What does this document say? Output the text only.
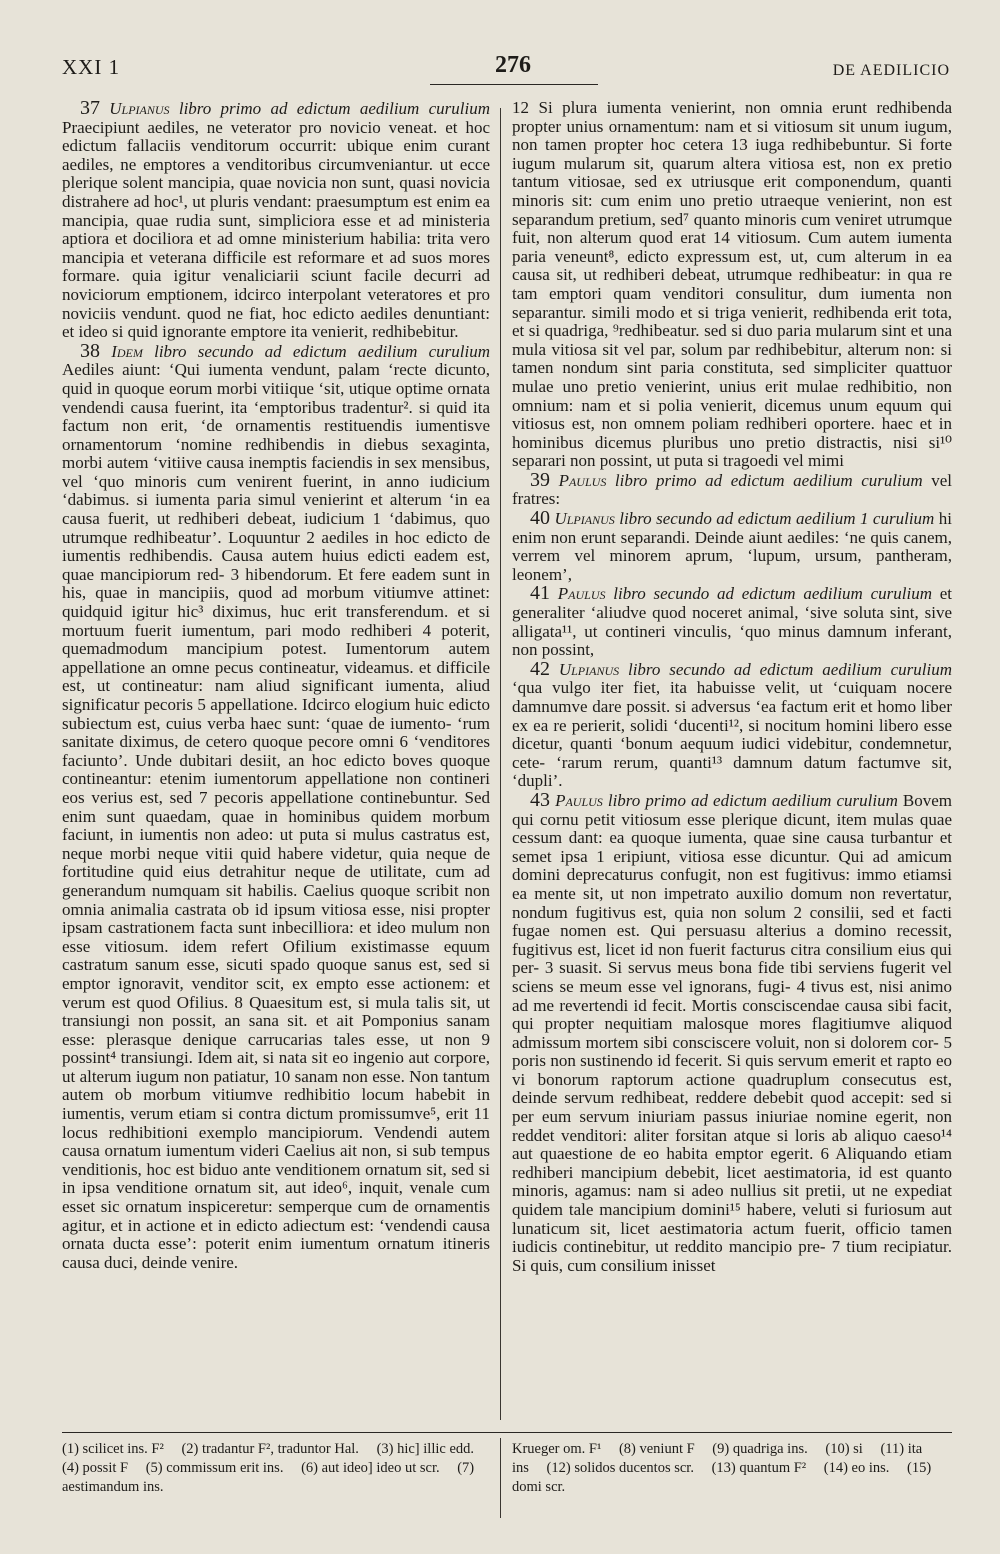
XXI 1	276	DE AEDILICIO

37 Ulpianus libro primo ad edictum aedilium curulium Praecipiunt aediles, ne veterator pro novicio veneat. et hoc edictum fallaciis venditorum occurrit: ubique enim curant aediles, ne emptores a venditoribus circumveniantur. ut ecce plerique solent mancipia, quae novicia non sunt, quasi novicia distrahere ad hoc¹, ut pluris vendant: praesumptum est enim ea mancipia, quae rudia sunt, simpliciora esse et ad ministeria aptiora et dociliora et ad omne ministerium habilia: trita vero mancipia et veterana difficile est reformare et ad suos mores formare. quia igitur venaliciarii sciunt facile decurri ad noviciorum emptionem, idcirco interpolant veteratores et pro noviciis vendunt. quod ne fiat, hoc edicto aediles denuntiant: et ideo si quid ignorante emptore ita venierit, redhibebitur.

38 Idem libro secundo ad edictum aedilium curulium Aediles aiunt: ‘Qui iumenta vendunt, palam ‘recte dicunto, quid in quoque eorum morbi vitiique ‘sit, utique optime ornata vendendi causa fuerint, ita ‘emptoribus tradentur². si quid ita factum non erit, ‘de ornamentis restituendis iumentisve ornamentorum ‘nomine redhibendis in diebus sexaginta, morbi autem ‘vitiive causa inemptis faciendis in sex mensibus, vel ‘quo minoris cum venirent fuerint, in anno iudicium ‘dabimus. si iumenta paria simul venierint et alterum ‘in ea causa fuerit, ut redhiberi debeat, iudicium 1 ‘dabimus, quo utrumque redhibeatur’. Loquuntur 2 aediles in hoc edicto de iumentis redhibendis. Causa autem huius edicti eadem est, quae mancipiorum red- 3 hibendorum. Et fere eadem sunt in his, quae in mancipiis, quod ad morbum vitiumve attinet: quidquid igitur hic³ diximus, huc erit transferendum. et si mortuum fuerit iumentum, pari modo redhiberi 4 poterit, quemadmodum mancipium potest. Iumentorum autem appellatione an omne pecus contineatur, videamus. et difficile est, ut contineatur: nam aliud significant iumenta, aliud significatur pecoris 5 appellatione. Idcirco elogium huic edicto subiectum est, cuius verba haec sunt: ‘quae de iumento- ‘rum sanitate diximus, de cetero quoque pecore omni 6 ‘venditores faciunto’. Unde dubitari desiit, an hoc edicto boves quoque contineantur: etenim iumentorum appellatione non contineri eos verius est, sed 7 pecoris appellatione continebuntur. Sed enim sunt quaedam, quae in hominibus quidem morbum faciunt, in iumentis non adeo: ut puta si mulus castratus est, neque morbi neque vitii quid habere videtur, quia neque de fortitudine quid eius detrahitur neque de utilitate, cum ad generandum numquam sit habilis. Caelius quoque scribit non omnia animalia castrata ob id ipsum vitiosa esse, nisi propter ipsam castrationem facta sunt inbecilliora: et ideo mulum non esse vitiosum. idem refert Ofilium existimasse equum castratum sanum esse, sicuti spado quoque sanus est, sed si emptor ignoravit, venditor scit, ex empto esse actionem: et verum est quod Ofilius. 8 Quaesitum est, si mula talis sit, ut transiungi non possit, an sana sit. et ait Pomponius sanam esse: plerasque denique carrucarias tales esse, ut non 9 possint⁴ transiungi. Idem ait, si nata sit eo ingenio aut corpore, ut alterum iugum non patiatur, 10 sanam non esse. Non tantum autem ob morbum vitiumve redhibitio locum habebit in iumentis, verum etiam si contra dictum promissumve⁵, erit 11 locus redhibitioni exemplo mancipiorum. Vendendi autem causa ornatum iumentum videri Caelius ait non, si sub tempus venditionis, hoc est biduo ante venditionem ornatum sit, sed si in ipsa venditione ornatum sit, aut ideo⁶, inquit, venale cum esset sic ornatum inspiceretur: semperque cum de ornamentis agitur, et in actione et in edicto adiectum est: ‘vendendi causa ornata ducta esse’: poterit enim iumentum ornatum itineris causa duci, deinde venire.

12 Si plura iumenta venierint, non omnia erunt redhibenda propter unius ornamentum: nam et si vitiosum sit unum iugum, non tamen propter hoc cetera 13 iuga redhibebuntur. Si forte iugum mularum sit, quarum altera vitiosa est, non ex pretio tantum vitiosae, sed ex utriusque erit componendum, quanti minoris sit: cum enim uno pretio utraeque venierint, non est separandum pretium, sed⁷ quanto minoris cum veniret utrumque fuit, non alterum quod erat 14 vitiosum. Cum autem iumenta paria veneunt⁸, edicto expressum est, ut, cum alterum in ea causa sit, ut redhiberi debeat, utrumque redhibeatur: in qua re tam emptori quam venditori consulitur, dum iumenta non separantur. simili modo et si triga venierit, redhibenda erit tota, et si quadriga, ⁹redhibeatur. sed si duo paria mularum sint et una mula vitiosa sit vel par, solum par redhibebitur, alterum non: si tamen nondum sint paria constituta, sed simpliciter quattuor mulae uno pretio venierint, unius erit mulae redhibitio, non omnium: nam et si polia venierit, dicemus unum equum qui vitiosus est, non omnem poliam redhiberi oportere. haec et in hominibus dicemus pluribus uno pretio distractis, nisi si¹⁰ separari non possint, ut puta si tragoedi vel mimi

39 Paulus libro primo ad edictum aedilium curulium vel fratres:

40 Ulpianus libro secundo ad edictum aedilium 1 curulium hi enim non erunt separandi. Deinde aiunt aediles: ‘ne quis canem, verrem vel minorem aprum, ‘lupum, ursum, pantheram, leonem’,

41 Paulus libro secundo ad edictum aedilium curulium et generaliter ‘aliudve quod noceret animal, ‘sive soluta sint, sive alligata¹¹, ut contineri vinculis, ‘quo minus damnum inferant, non possint,

42 Ulpianus libro secundo ad edictum aedilium curulium ‘qua vulgo iter fiet, ita habuisse velit, ut ‘cuiquam nocere damnumve dare possit. si adversus ‘ea factum erit et homo liber ex ea re perierit, solidi ‘ducenti¹², si nocitum homini libero esse dicetur, quanti ‘bonum aequum iudici videbitur, condemnetur, cete- ‘rarum rerum, quanti¹³ damnum datum factumve sit, ‘dupli’.

43 Paulus libro primo ad edictum aedilium curulium Bovem qui cornu petit vitiosum esse plerique dicunt, item mulas quae cessum dant: ea quoque iumenta, quae sine causa turbantur et semet ipsa 1 eripiunt, vitiosa esse dicuntur. Qui ad amicum domini deprecaturus confugit, non est fugitivus: immo etiamsi ea mente sit, ut non impetrato auxilio domum non revertatur, nondum fugitivus est, quia non solum 2 consilii, sed et facti fugae nomen est. Qui persuasu alterius a domino recessit, fugitivus est, licet id non fuerit facturus citra consilium eius qui per- 3 suasit. Si servus meus bona fide tibi serviens fugerit vel sciens se meum esse vel ignorans, fugi- 4 tivus est, nisi animo ad me revertendi id fecit. Mortis consciscendae causa sibi facit, qui propter nequitiam malosque mores flagitiumve aliquod admissum mortem sibi consciscere voluit, non si dolorem cor- 5 poris non sustinendo id fecerit. Si quis servum emerit et rapto eo vi bonorum raptorum actione quadruplum consecutus est, deinde servum redhibeat, reddere debebit quod accepit: sed si per eum servum iniuriam passus iniuriae nomine egerit, non reddet venditori: aliter forsitan atque si loris ab aliquo caeso¹⁴ aut quaestione de eo habita emptor egerit. 6 Aliquando etiam redhiberi mancipium debebit, licet aestimatoria, id est quanto minoris, agamus: nam si adeo nullius sit pretii, ut ne expediat quidem tale mancipium domini¹⁵ habere, veluti si furiosum aut lunaticum sit, licet aestimatoria actum fuerit, officio tamen iudicis continebitur, ut reddito mancipio pre- 7 tium recipiatur. Si quis, cum consilium inisset

(1) scilicet ins. F² (2) tradantur F², traduntor Hal. (3) hic] illic edd. (4) possit F (5) commissum erit ins. (6) aut ideo] ideo ut scr. (7) aestimandum ins.
Krueger om. F¹ (8) veniunt F (9) quadriga ins. (10) si (11) ita ins (12) solidos ducentos scr. (13) quantum F² (14) eo ins. (15) domi scr.
